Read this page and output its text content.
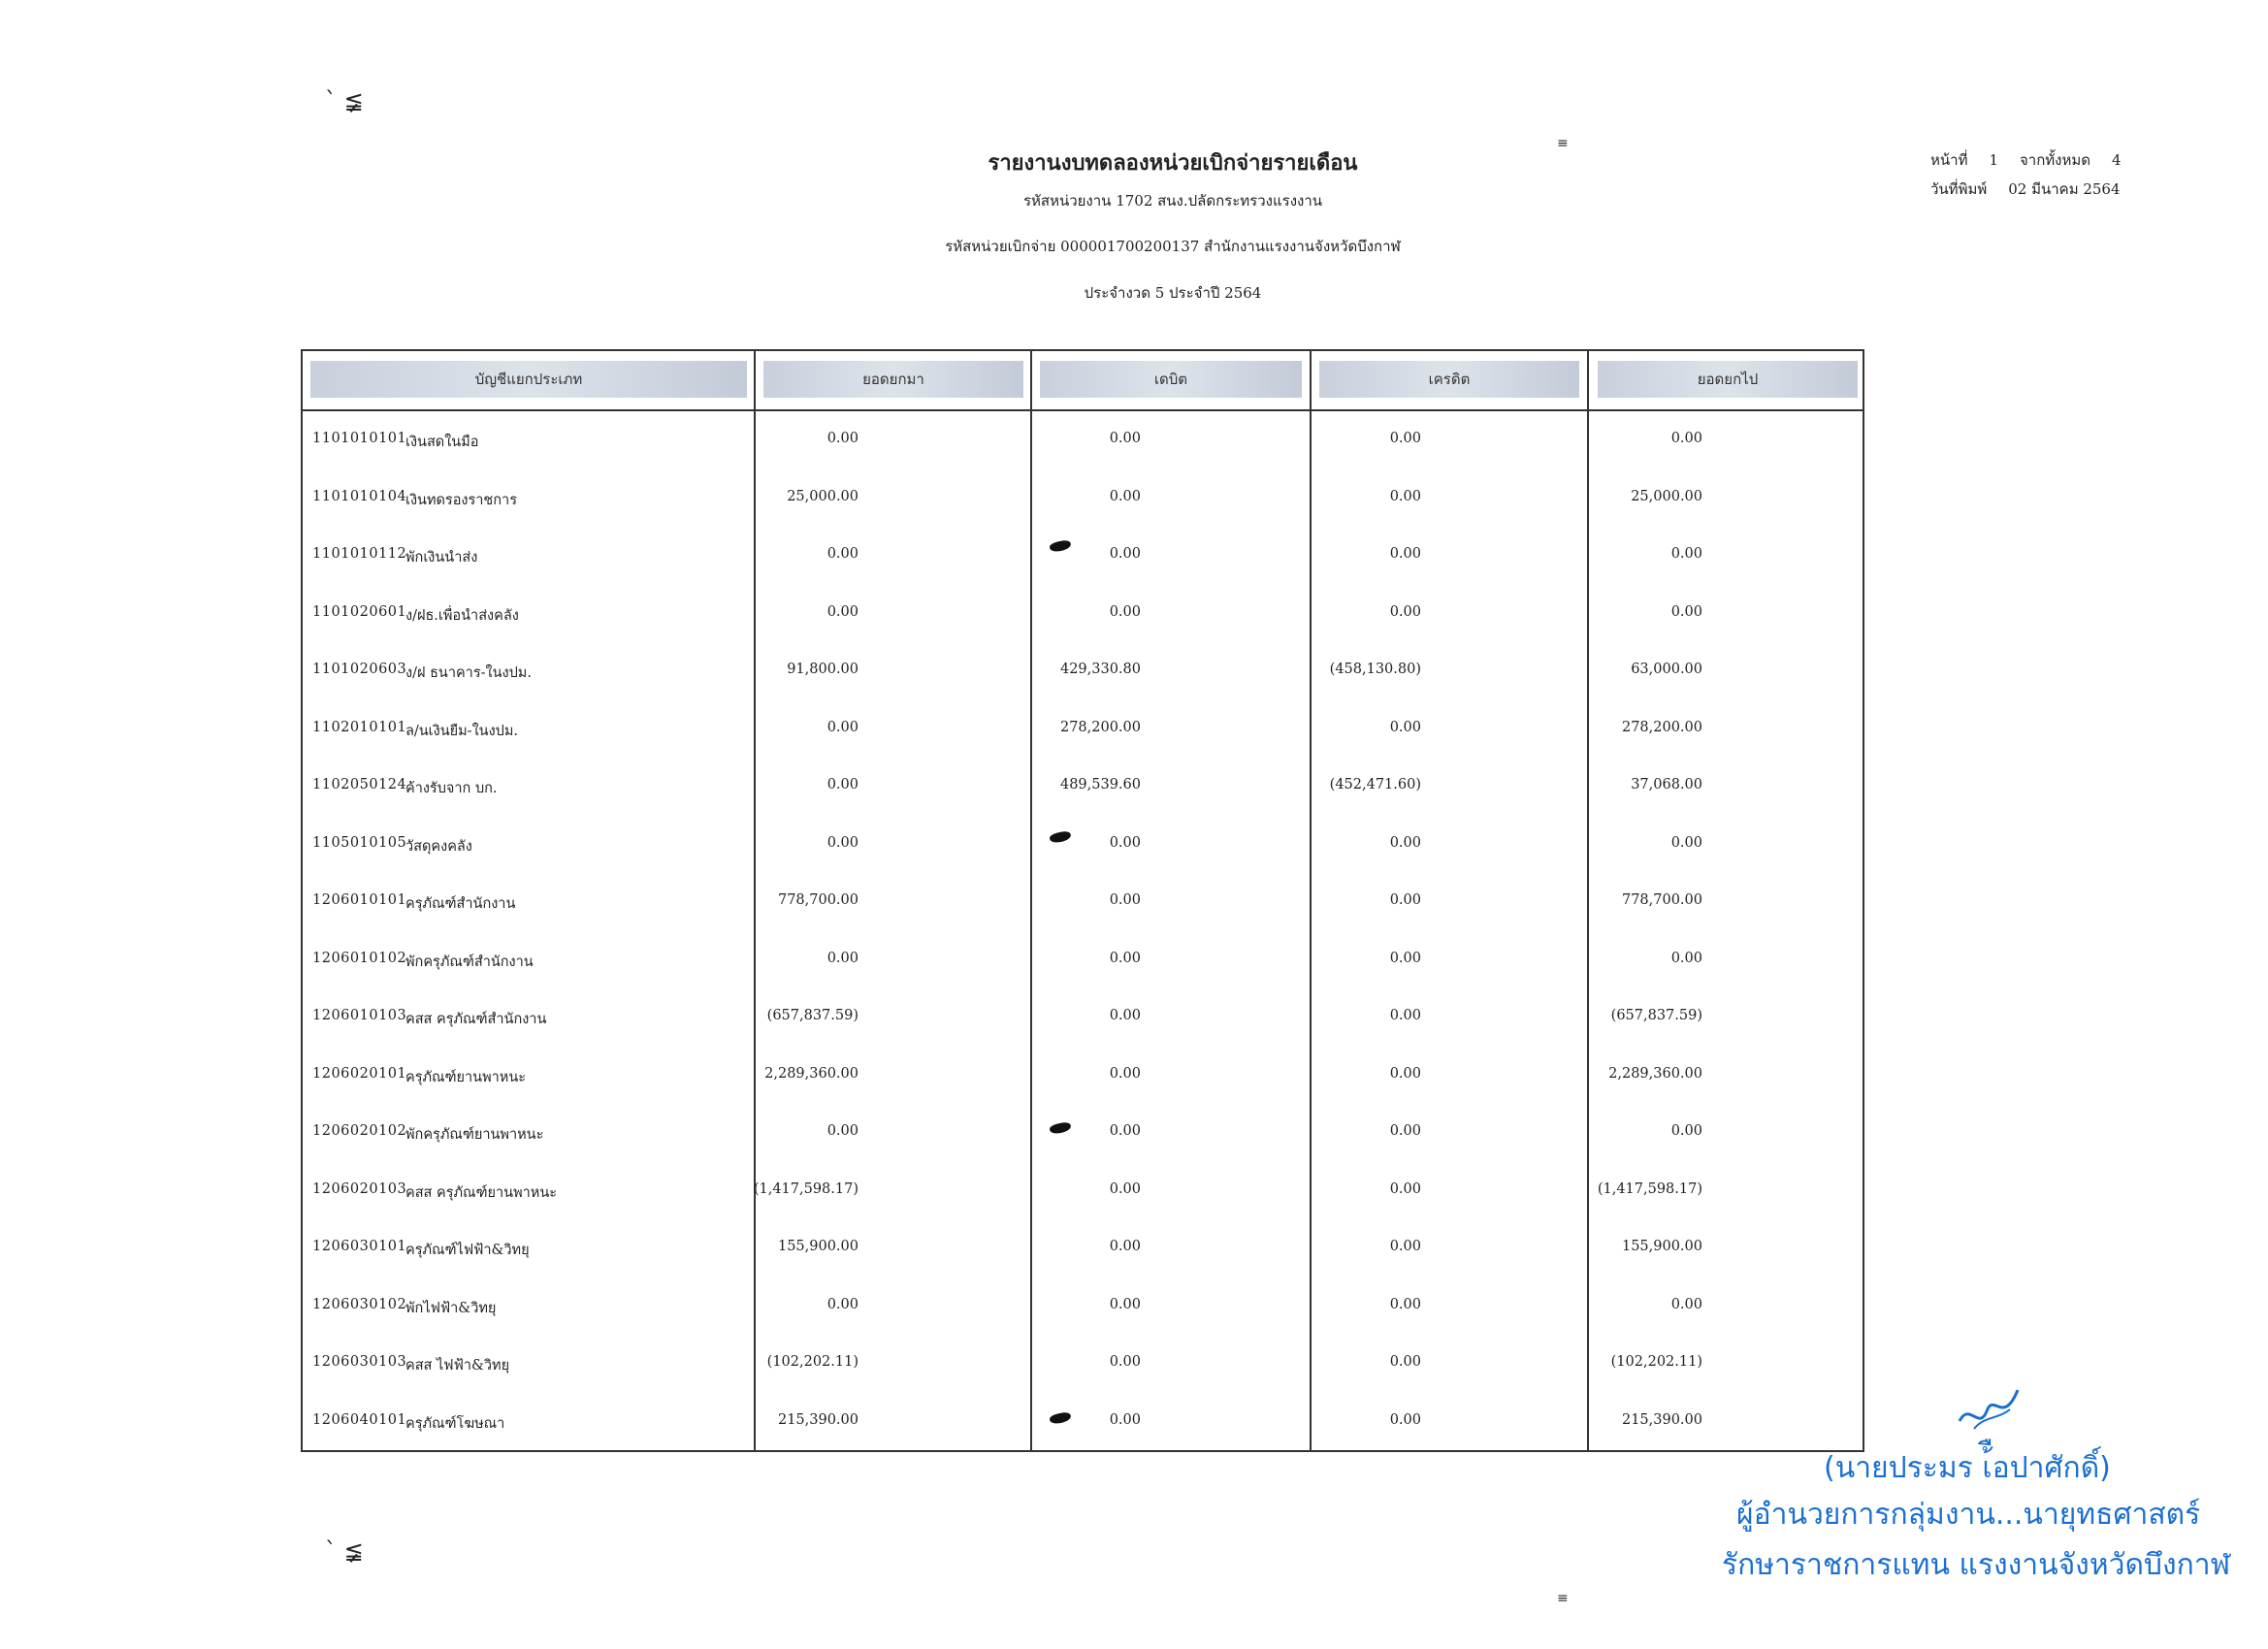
รายงานงบทดลองหน่วยเบิกจ่ายรายเดือน
รหัสหน่วยงาน 1702 สนง.ปลัดกระทรวงแรงงาน
รหัสหน่วยเบิกจ่าย 000001700200137 สำนักงานแรงงานจังหวัดบึงกาฬ
ประจำงวด 5 ประจำปี 2564
หน้าที่ 1 จากทั้งหมด 4
วันที่พิมพ์ 02 มีนาคม 2564
บัญชีแยกประเภท	ยอดยกมา	เดบิต	เครดิต	ยอดยกไป
1101010101
เงินสดในมือ	0.00	0.00	0.00	0.00
1101010104
เงินทดรองราชการ	25,000.00	0.00	0.00	25,000.00
1101010112
พักเงินนำส่ง	0.00	0.00	0.00	0.00
1101020601
ง/ฝธ.เพื่อนำส่งคลัง	0.00	0.00	0.00	0.00
1101020603
ง/ฝ ธนาคาร-ในงปม.	91,800.00	429,330.80	(458,130.80)	63,000.00
1102010101
ล/นเงินยืม-ในงปม.	0.00	278,200.00	0.00	278,200.00
1102050124
ค้างรับจาก บก.	0.00	489,539.60	(452,471.60)	37,068.00
1105010105
วัสดุคงคลัง	0.00	0.00	0.00	0.00
1206010101
ครุภัณฑ์สำนักงาน	778,700.00	0.00	0.00	778,700.00
1206010102
พักครุภัณฑ์สำนักงาน	0.00	0.00	0.00	0.00
1206010103
คสส ครุภัณฑ์สำนักงาน	(657,837.59)	0.00	0.00	(657,837.59)
1206020101
ครุภัณฑ์ยานพาหนะ	2,289,360.00	0.00	0.00	2,289,360.00
1206020102
พักครุภัณฑ์ยานพาหนะ	0.00	0.00	0.00	0.00
1206020103
คสส ครุภัณฑ์ยานพาหนะ	(1,417,598.17)	0.00	0.00	(1,417,598.17)
1206030101
ครุภัณฑ์ไฟฟ้า&วิทยุ	155,900.00	0.00	0.00	155,900.00
1206030102
พักไฟฟ้า&วิทยุ	0.00	0.00	0.00	0.00
1206030103
คสส ไฟฟ้า&วิทยุ	(102,202.11)	0.00	0.00	(102,202.11)
1206040101
ครุภัณฑ์โฆษณา	215,390.00	0.00	0.00	215,390.00
ˋ ≨
ˋ ≨
≡
≡
(นายประมร เ้ือปาศักดิ์)
ผู้อำนวยการกลุ่มงาน...นายุทธศาสตร์
รักษาราชการแทน แรงงานจังหวัดบึงกาฬ
